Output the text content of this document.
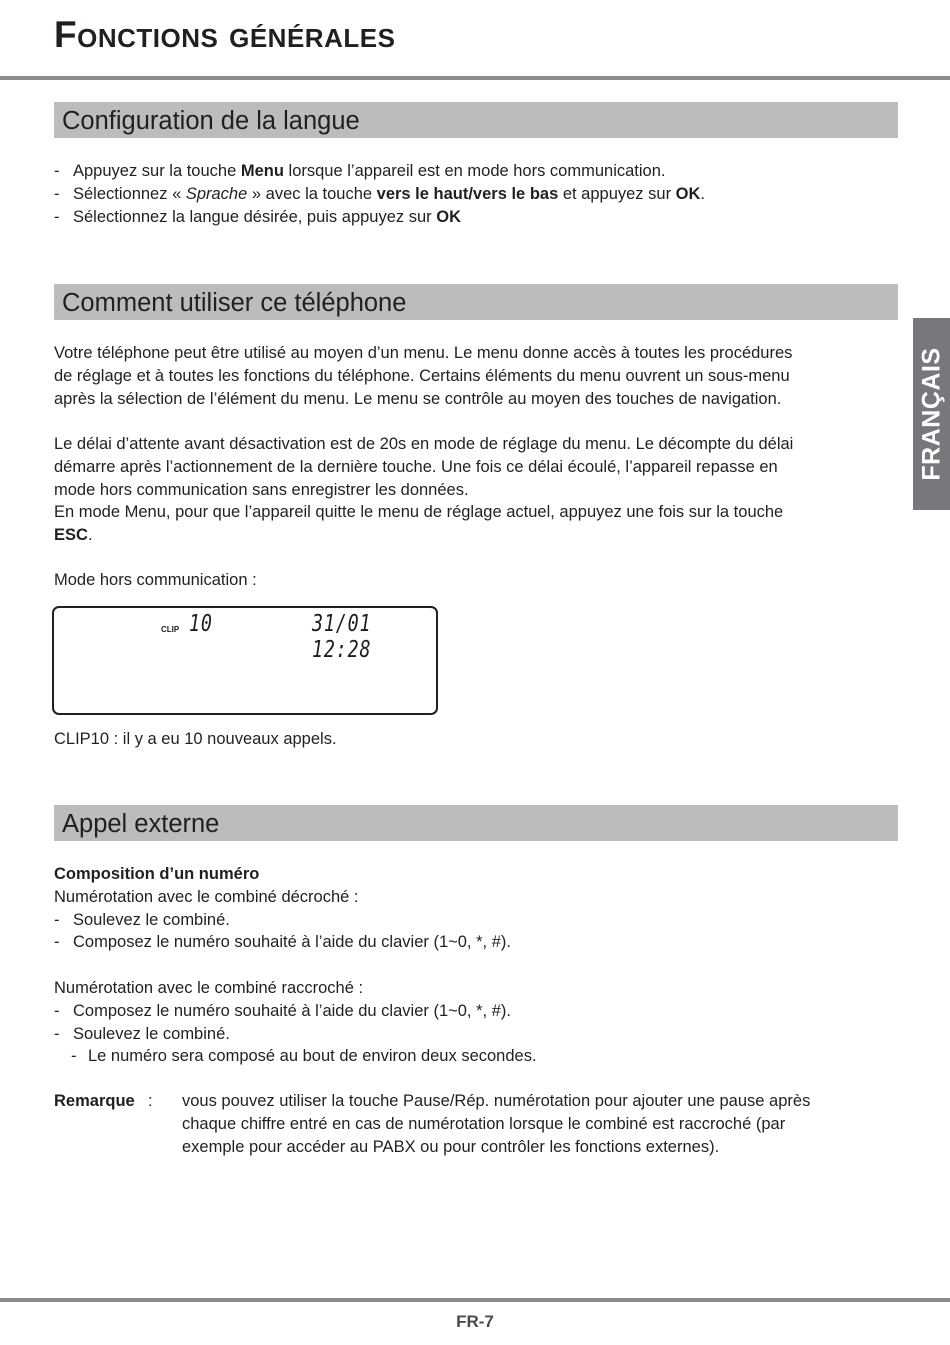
Fonctions générales
FRANÇAIS
Configuration de la langue
- Appuyez sur la touche Menu lorsque l’appareil est en mode hors communication.
- Sélectionnez « Sprache » avec la touche vers le haut/vers le bas et appuyez sur OK.
- Sélectionnez la langue désirée, puis appuyez sur OK
Comment utiliser ce téléphone
Votre téléphone peut être utilisé au moyen d’un menu. Le menu donne accès à toutes les procédures
de réglage et à toutes les fonctions du téléphone. Certains éléments du menu ouvrent un sous-menu
après la sélection de l’élément du menu. Le menu se contrôle au moyen des touches de navigation.
Le délai d’attente avant désactivation est de 20s en mode de réglage du menu. Le décompte du délai
démarre après l’actionnement de la dernière touche. Une fois ce délai écoulé, l’appareil repasse en
mode hors communication sans enregistrer les données.
En mode Menu, pour que l’appareil quitte le menu de réglage actuel, appuyez une fois sur la touche
ESC.
Mode hors communication :
CLIP 10	31/01 12:28
CLIP10 : il y a eu 10 nouveaux appels.
Appel externe
Composition d’un numéro
Numérotation avec le combiné décroché :
- Soulevez le combiné.
- Composez le numéro souhaité à l’aide du clavier (1~0, *, #).

Numérotation avec le combiné raccroché :
- Composez le numéro souhaité à l’aide du clavier (1~0, *, #).
- Soulevez le combiné.
- Le numéro sera composé au bout de environ deux secondes.
Remarque : vous pouvez utiliser la touche Pause/Rép. numérotation pour ajouter une pause après
chaque chiffre entré en cas de numérotation lorsque le combiné est raccroché (par
exemple pour accéder au PABX ou pour contrôler les fonctions externes).
FR-7
